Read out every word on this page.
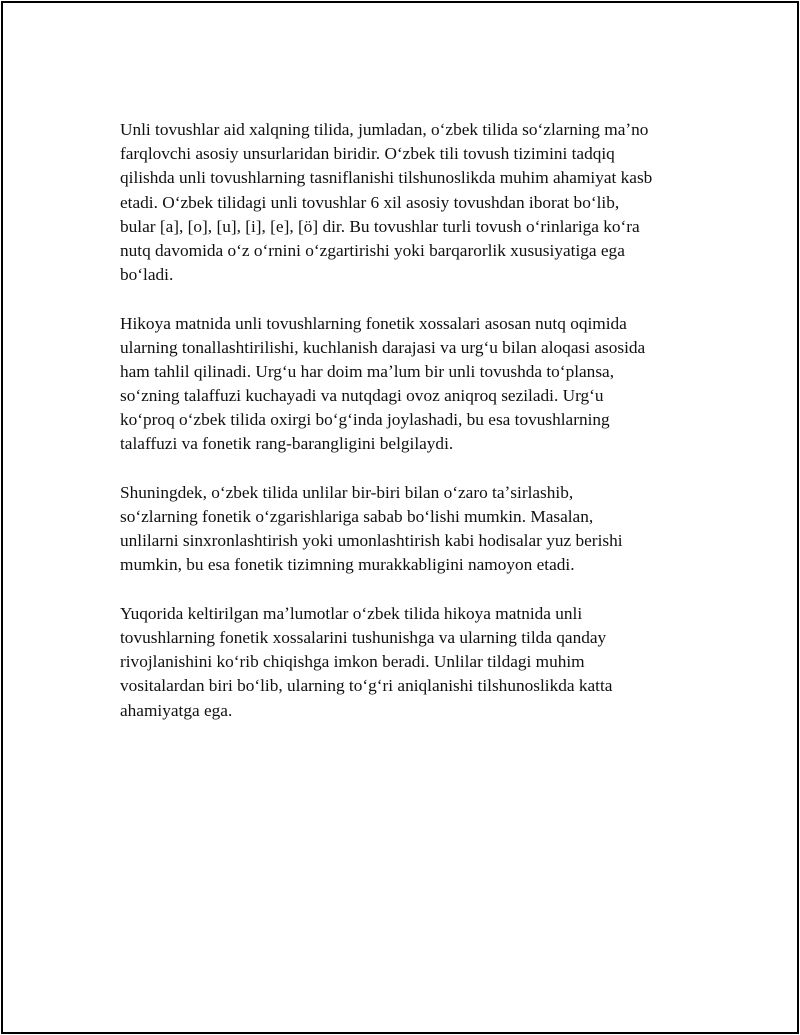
Unli tovushlar aid xalqning tilida, jumladan, oʻzbek tilida soʻzlarning maʼno
farqlovchi asosiy unsurlaridan biridir. Oʻzbek tili tovush tizimini tadqiq
qilishda unli tovushlarning tasniflanishi tilshunoslikda muhim ahamiyat kasb
etadi. Oʻzbek tilidagi unli tovushlar 6 xil asosiy tovushdan iborat boʻlib,
bular [a], [o], [u], [i], [e], [ö] dir. Bu tovushlar turli tovush oʻrinlariga koʻra
nutq davomida oʻz oʻrnini oʻzgartirishi yoki barqarorlik xususiyatiga ega
boʻladi.

Hikoya matnida unli tovushlarning fonetik xossalari asosan nutq oqimida
ularning tonallashtirilishi, kuchlanish darajasi va urgʻu bilan aloqasi asosida
ham tahlil qilinadi. Urgʻu har doim maʼlum bir unli tovushda toʻplansa,
soʻzning talaffuzi kuchayadi va nutqdagi ovoz aniqroq seziladi. Urgʻu
koʻproq oʻzbek tilida oxirgi boʻgʻinda joylashadi, bu esa tovushlarning
talaffuzi va fonetik rang-barangligini belgilaydi.

Shuningdek, oʻzbek tilida unlilar bir-biri bilan oʻzaro taʼsirlashib,
soʻzlarning fonetik oʻzgarishlariga sabab boʻlishi mumkin. Masalan,
unlilarni sinxronlashtirish yoki umonlashtirish kabi hodisalar yuz berishi
mumkin, bu esa fonetik tizimning murakkabligini namoyon etadi.

Yuqorida keltirilgan maʼlumotlar oʻzbek tilida hikoya matnida unli
tovushlarning fonetik xossalarini tushunishga va ularning tilda qanday
rivojlanishini koʻrib chiqishga imkon beradi. Unlilar tildagi muhim
vositalardan biri boʻlib, ularning toʻgʻri aniqlanishi tilshunoslikda katta
ahamiyatga ega.
